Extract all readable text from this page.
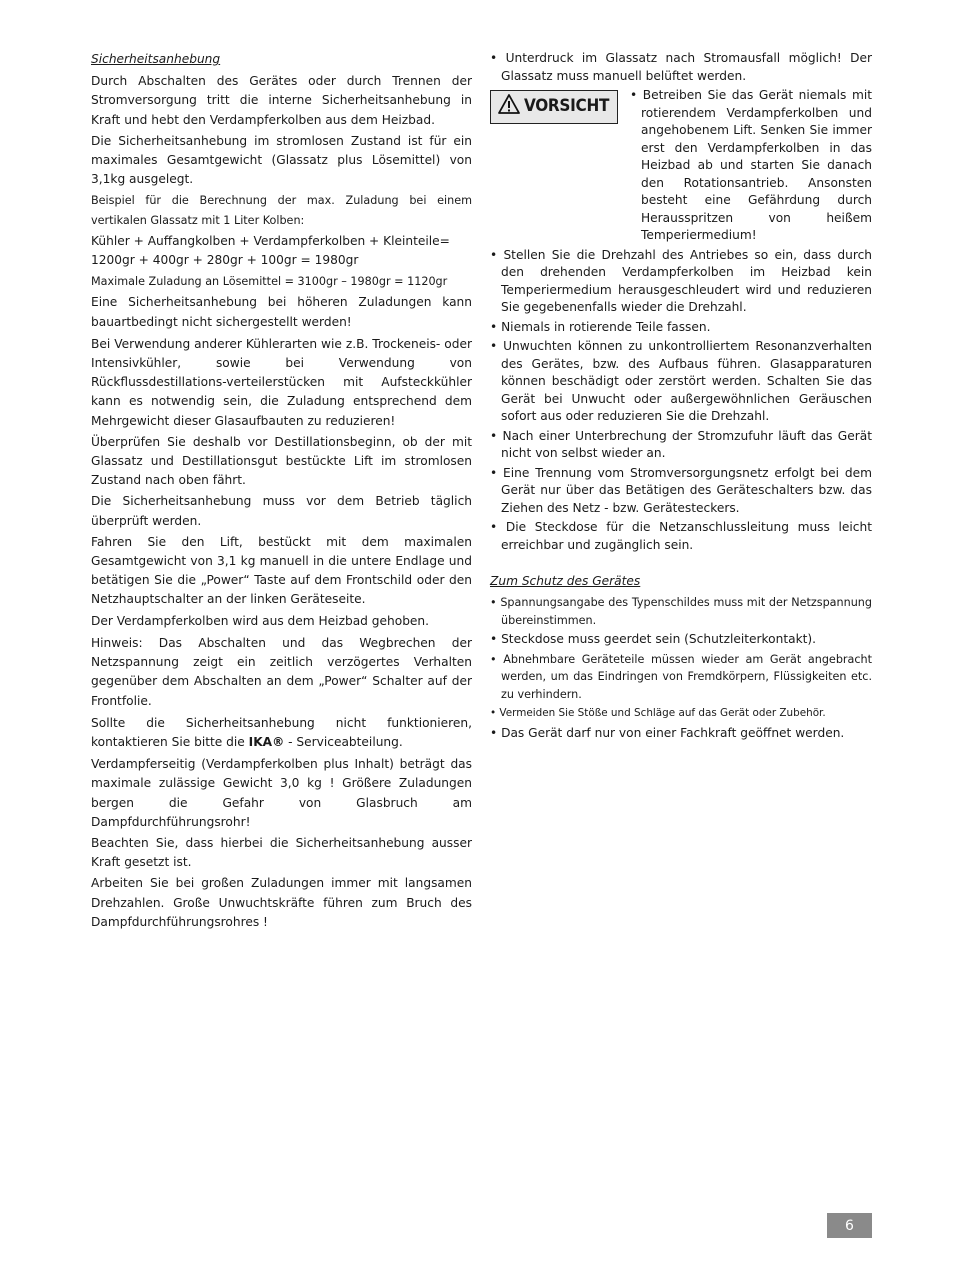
Sicherheitsanhebung

Durch Abschalten des Gerätes oder durch Trennen der Stromversorgung tritt die interne Sicherheitsanhebung in Kraft und hebt den Verdampferkolben aus dem Heizbad.

Die Sicherheitsanhebung im stromlosen Zustand ist für ein maximales Gesamtgewicht (Glassatz plus Lösemittel) von 3,1kg ausgelegt.

Beispiel für die Berechnung der max. Zuladung bei einem vertikalen Glassatz mit 1 Liter Kolben:

Kühler + Auffangkolben + Verdampferkolben + Kleinteile=

1200gr + 400gr + 280gr + 100gr = 1980gr

Maximale Zuladung an Lösemittel = 3100gr – 1980gr = 1120gr

Eine Sicherheitsanhebung bei höheren Zuladungen kann bauartbedingt nicht sichergestellt werden!

Bei Verwendung anderer Kühlerarten wie z.B. Trockeneis- oder Intensivkühler, sowie bei Verwendung von Rückflussdestillations-verteilerstücken mit Aufsteckkühler kann es notwendig sein, die Zuladung entsprechend dem Mehrgewicht dieser Glasaufbauten zu reduzieren!

Überprüfen Sie deshalb vor Destillationsbeginn, ob der mit Glassatz und Destillationsgut bestückte Lift im stromlosen Zustand nach oben fährt.

Die Sicherheitsanhebung muss vor dem Betrieb täglich überprüft werden.

Fahren Sie den Lift, bestückt mit dem maximalen Gesamtgewicht von 3,1 kg manuell in die untere Endlage und betätigen Sie die „Power“ Taste auf dem Frontschild oder den Netzhauptschalter an der linken Geräteseite.

Der Verdampferkolben wird aus dem Heizbad gehoben.

Hinweis: Das Abschalten und das Wegbrechen der Netzspannung zeigt ein zeitlich verzögertes Verhalten gegenüber dem Abschalten an dem „Power“ Schalter auf der Frontfolie.

Sollte die Sicherheitsanhebung nicht funktionieren, kontaktieren Sie bitte die IKA® - Serviceabteilung.

Verdampferseitig (Verdampferkolben plus Inhalt) beträgt das maximale zulässige Gewicht 3,0 kg ! Größere Zuladungen bergen die Gefahr von Glasbruch am Dampfdurchführungsrohr!

Beachten Sie, dass hierbei die Sicherheitsanhebung ausser Kraft gesetzt ist.

Arbeiten Sie bei großen Zuladungen immer mit langsamen Drehzahlen. Große Unwuchtskräfte führen zum Bruch des Dampfdurchführungsrohres !

• Unterdruck im Glassatz nach Stromausfall möglich! Der Glassatz muss manuell belüftet werden.

VORSICHT

• Betreiben Sie das Gerät niemals mit rotierendem Verdampferkolben und angehobenem Lift. Senken Sie immer erst den Verdampferkolben in das Heizbad ab und starten Sie danach den Rotationsantrieb. Ansonsten besteht eine Gefährdung durch Herausspritzen von heißem Temperiermedium!

• Stellen Sie die Drehzahl des Antriebes so ein, dass durch den drehenden Verdampferkolben im Heizbad kein Temperiermedium herausgeschleudert wird und reduzieren Sie gegebenenfalls wieder die Drehzahl.

• Niemals in rotierende Teile fassen.

• Unwuchten können zu unkontrolliertem Resonanzverhalten des Gerätes, bzw. des Aufbaus führen. Glasapparaturen können beschädigt oder zerstört werden. Schalten Sie das Gerät bei Unwucht oder außergewöhnlichen Geräuschen sofort aus oder reduzieren Sie die Drehzahl.

• Nach einer Unterbrechung der Stromzufuhr läuft das Gerät nicht von selbst wieder an.

• Eine Trennung vom Stromversorgungsnetz erfolgt bei dem Gerät nur über das Betätigen des Geräteschalters bzw. das Ziehen des Netz - bzw. Gerätesteckers.

• Die Steckdose für die Netzanschlussleitung muss leicht erreichbar und zugänglich sein.

Zum Schutz des Gerätes

• Spannungsangabe des Typenschildes muss mit der Netzspannung übereinstimmen.

• Steckdose muss geerdet sein (Schutzleiterkontakt).

• Abnehmbare Geräteteile müssen wieder am Gerät angebracht werden, um das Eindringen von Fremdkörpern, Flüssigkeiten etc. zu verhindern.

• Vermeiden Sie Stöße und Schläge auf das Gerät oder Zubehör.

• Das Gerät darf nur von einer Fachkraft geöffnet werden.

6
